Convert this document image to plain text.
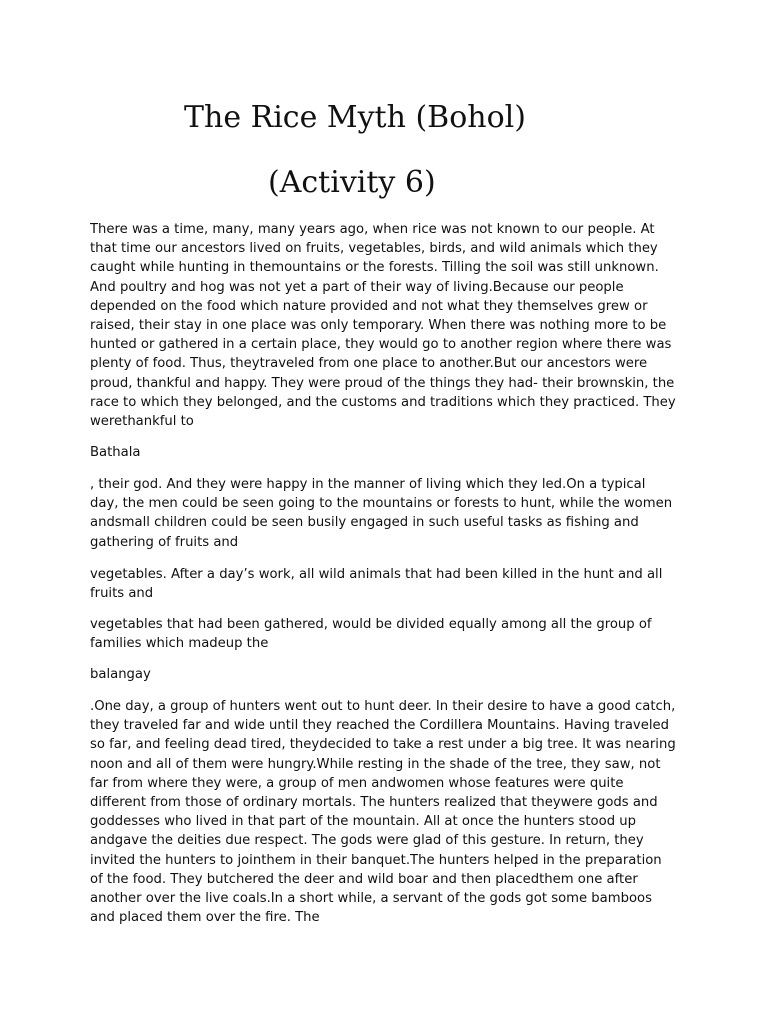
The Rice Myth (Bohol)
(Activity 6)

There was a time, many, many years ago, when rice was not known to our people. At that time our ancestors lived on fruits, vegetables, birds, and wild animals which they caught while hunting in themountains or the forests. Tilling the soil was still unknown. And poultry and hog was not yet a part of their way of living.Because our people depended on the food which nature provided and not what they themselves grew or raised, their stay in one place was only temporary. When there was nothing more to be hunted or gathered in a certain place, they would go to another region where there was plenty of food. Thus, theytraveled from one place to another.But our ancestors were proud, thankful and happy. They were proud of the things they had- their brownskin, the race to which they belonged, and the customs and traditions which they practiced. They werethankful to

Bathala

, their god. And they were happy in the manner of living which they led.On a typical day, the men could be seen going to the mountains or forests to hunt, while the women andsmall children could be seen busily engaged in such useful tasks as fishing and gathering of fruits and

vegetables. After a day’s work, all wild animals that had been killed in the hunt and all fruits and

vegetables that had been gathered, would be divided equally among all the group of families which madeup the

balangay

.One day, a group of hunters went out to hunt deer. In their desire to have a good catch, they traveled far and wide until they reached the Cordillera Mountains. Having traveled so far, and feeling dead tired, theydecided to take a rest under a big tree. It was nearing noon and all of them were hungry.While resting in the shade of the tree, they saw, not far from where they were, a group of men andwomen whose features were quite different from those of ordinary mortals. The hunters realized that theywere gods and goddesses who lived in that part of the mountain. All at once the hunters stood up andgave the deities due respect. The gods were glad of this gesture. In return, they invited the hunters to jointhem in their banquet.The hunters helped in the preparation of the food. They butchered the deer and wild boar and then placedthem one after another over the live coals.In a short while, a servant of the gods got some bamboos and placed them over the fire. The
